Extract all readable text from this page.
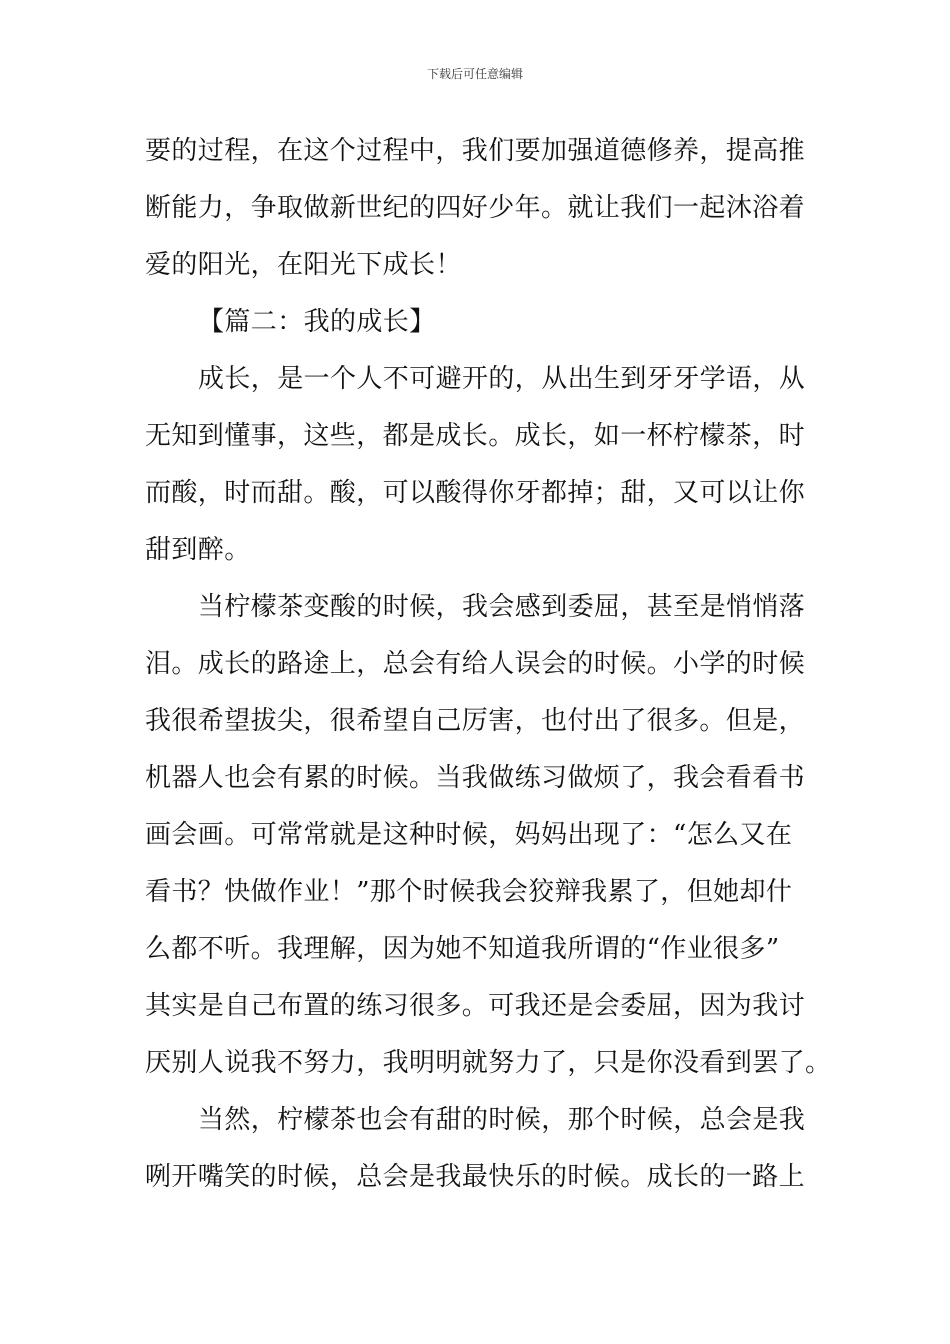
下载后可任意编辑
要的过程，在这个过程中，我们要加强道德修养，提高推
断能力，争取做新世纪的四好少年。就让我们一起沐浴着
爱的阳光，在阳光下成长！
【篇二：我的成长】
成长，是一个人不可避开的，从出生到牙牙学语，从
无知到懂事，这些，都是成长。成长，如一杯柠檬茶，时
而酸，时而甜。酸，可以酸得你牙都掉；甜，又可以让你
甜到醉。
当柠檬茶变酸的时候，我会感到委屈，甚至是悄悄落
泪。成长的路途上，总会有给人误会的时候。小学的时候
我很希望拔尖，很希望自己厉害，也付出了很多。但是，
机器人也会有累的时候。当我做练习做烦了，我会看看书
画会画。可常常就是这种时候，妈妈出现了：“怎么又在
看书？快做作业！”那个时候我会狡辩我累了，但她却什
么都不听。我理解，因为她不知道我所谓的“作业很多”
其实是自己布置的练习很多。可我还是会委屈，因为我讨
厌别人说我不努力，我明明就努力了，只是你没看到罢了。
当然，柠檬茶也会有甜的时候，那个时候，总会是我
咧开嘴笑的时候，总会是我最快乐的时候。成长的一路上
